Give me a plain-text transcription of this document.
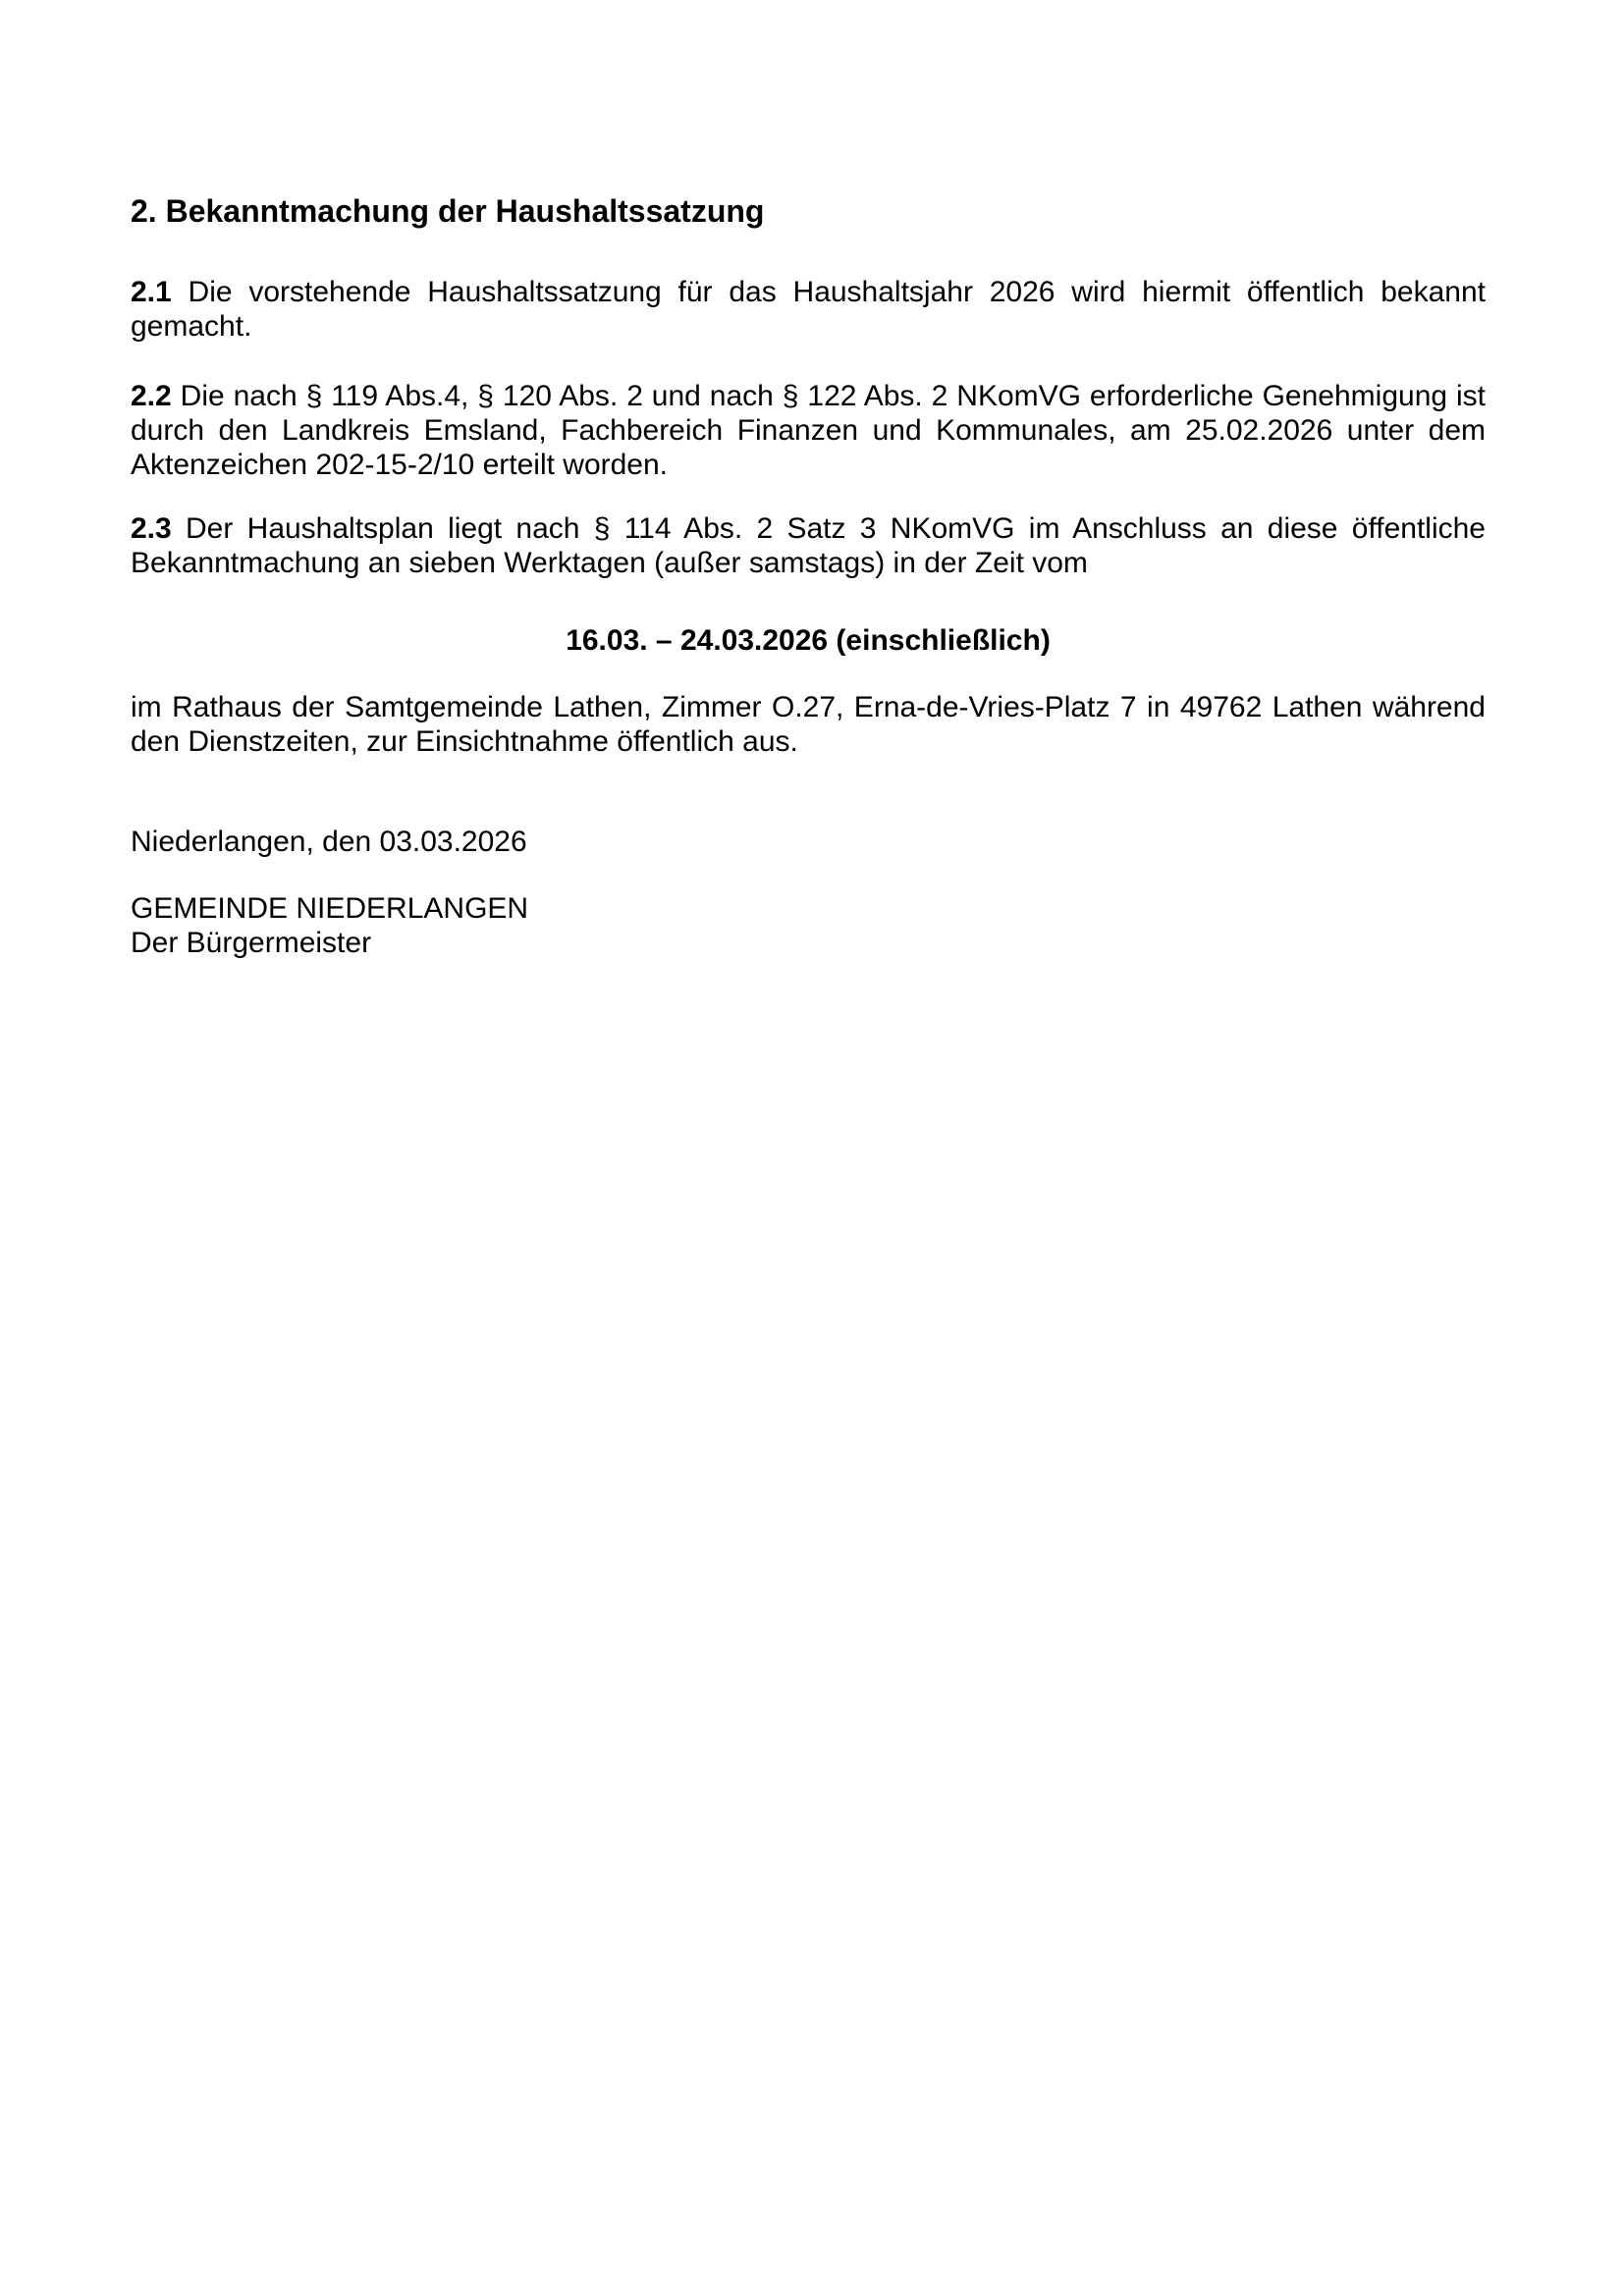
2. Bekanntmachung der Haushaltssatzung

2.1 Die vorstehende Haushaltssatzung für das Haushaltsjahr 2026 wird hiermit öffentlich bekannt gemacht.

2.2 Die nach § 119 Abs.4, § 120 Abs. 2 und nach § 122 Abs. 2 NKomVG erforderliche Genehmigung ist durch den Landkreis Emsland, Fachbereich Finanzen und Kommunales, am 25.02.2026 unter dem Aktenzeichen 202-15-2/10 erteilt worden.

2.3 Der Haushaltsplan liegt nach § 114 Abs. 2 Satz 3 NKomVG im Anschluss an diese öffentliche Bekanntmachung an sieben Werktagen (außer samstags) in der Zeit vom

16.03. – 24.03.2026 (einschließlich)

im Rathaus der Samtgemeinde Lathen, Zimmer O.27, Erna-de-Vries-Platz 7 in 49762 Lathen während den Dienstzeiten, zur Einsichtnahme öffentlich aus.

Niederlangen, den 03.03.2026

GEMEINDE NIEDERLANGEN

Der Bürgermeister
